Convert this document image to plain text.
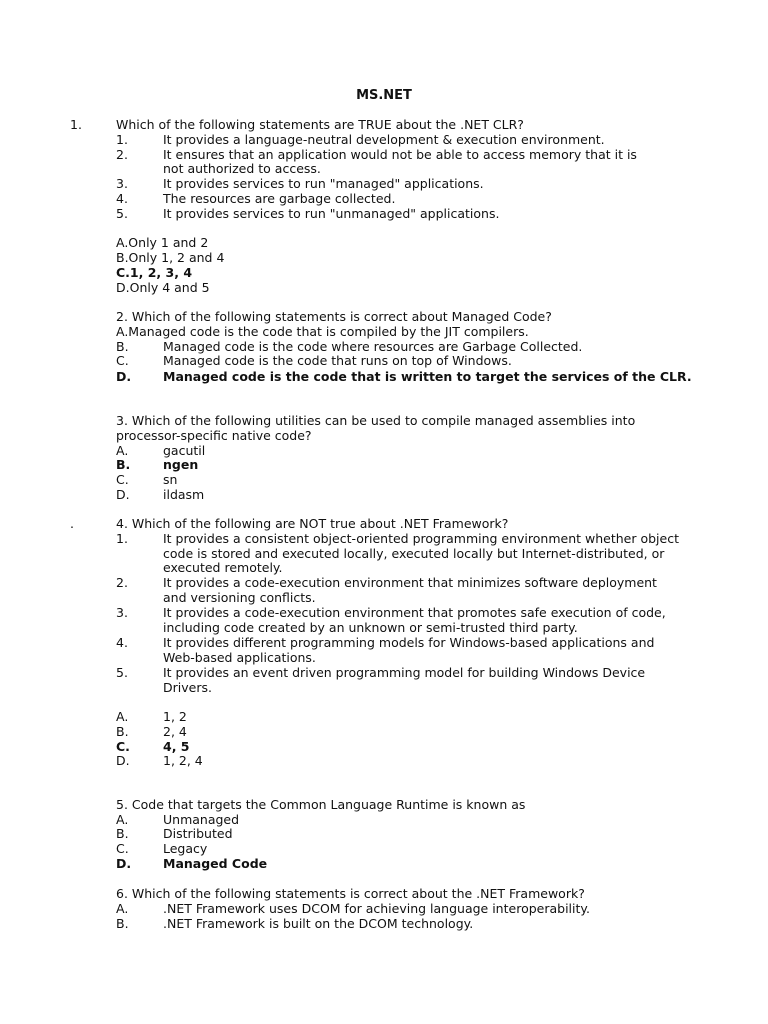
MS.NET
1.	Which of the following statements are TRUE about the .NET CLR?
1.	It provides a language-neutral development & execution environment.
2.	It ensures that an application would not be able to access memory that it is
not authorized to access.
3.	It provides services to run "managed" applications.
4.	The resources are garbage collected.
5.	It provides services to run "unmanaged" applications.
A.Only 1 and 2
B.Only 1, 2 and 4
C.1, 2, 3, 4
D.Only 4 and 5
2. Which of the following statements is correct about Managed Code?
A.Managed code is the code that is compiled by the JIT compilers.
B.	Managed code is the code where resources are Garbage Collected.
C.	Managed code is the code that runs on top of Windows.
D.	Managed code is the code that is written to target the services of the CLR.
3. Which of the following utilities can be used to compile managed assemblies into
processor-specific native code?
A.	gacutil
B.	ngen
C.	sn
D.	ildasm
.	4. Which of the following are NOT true about .NET Framework?
1.	It provides a consistent object-oriented programming environment whether object
code is stored and executed locally, executed locally but Internet-distributed, or
executed remotely.
2.	It provides a code-execution environment that minimizes software deployment
and versioning conflicts.
3.	It provides a code-execution environment that promotes safe execution of code,
including code created by an unknown or semi-trusted third party.
4.	It provides different programming models for Windows-based applications and
Web-based applications.
5.	It provides an event driven programming model for building Windows Device
Drivers.
A.	1, 2
B.	2, 4
C.	4, 5
D.	1, 2, 4
5. Code that targets the Common Language Runtime is known as
A.	Unmanaged
B.	Distributed
C.	Legacy
D.	Managed Code
6. Which of the following statements is correct about the .NET Framework?
A.	.NET Framework uses DCOM for achieving language interoperability.
B.	.NET Framework is built on the DCOM technology.
